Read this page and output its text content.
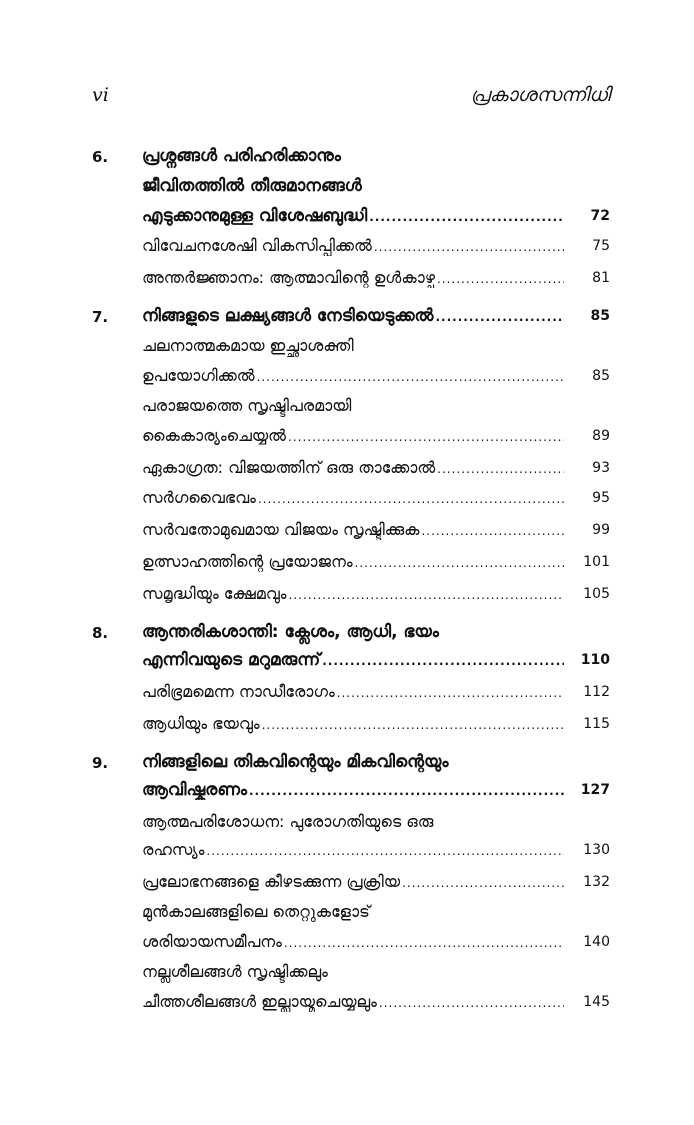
vi	പ്രകാശസന്നിധി
6. പ്രശ്നങ്ങൾ പരിഹരിക്കാനും
ജീവിതത്തിൽ തീരുമാനങ്ങൾ
എടുക്കാനുമുള്ള വിശേഷബുദ്ധി .....	72
വിവേചനശേഷി വികസിപ്പിക്കൽ .....	75
അന്തർജ്ഞാനം: ആത്മാവിന്റെ ഉൾകാഴ്ച .....	81
7. നിങ്ങളുടെ ലക്ഷ്യങ്ങൾ നേടിയെടുക്കൽ .....	85
ചലനാത്മകമായ ഇച്ഛാശക്തി
ഉപയോഗിക്കൽ .....	85
പരാജയത്തെ സൃഷ്ടിപരമായി
കൈകാര്യംചെയ്യൽ .....	89
ഏകാഗ്രത: വിജയത്തിന് ഒരു താക്കോൽ .....	93
സർഗവൈഭവം .....	95
സർവതോമുഖമായ വിജയം സൃഷ്ടിക്കുക .....	99
ഉത്സാഹത്തിന്റെ പ്രയോജനം .....	101
സമൃദ്ധിയും ക്ഷേമവും .....	105
8. ആന്തരികശാന്തി: ക്ലേശം, ആധി, ഭയം
എന്നിവയുടെ മറുമരുന്ന് .....	110
പരിഭ്രമമെന്ന നാഡീരോഗം .....	112
ആധിയും ഭയവും .....	115
9. നിങ്ങളിലെ തികവിന്റെയും മികവിന്റെയും
ആവിഷ്കരണം .....	127
ആത്മപരിശോധന: പുരോഗതിയുടെ ഒരു
രഹസ്യം .....	130
പ്രലോഭനങ്ങളെ കീഴടക്കുന്ന പ്രക്രിയ .....	132
മുൻകാലങ്ങളിലെ തെറ്റുകളോട്
ശരിയായസമീപനം .....	140
നല്ലശീലങ്ങൾ സൃഷ്ടിക്കലും
ചീത്തശീലങ്ങൾ ഇല്ലായ്മചെയ്യലും .....	145
